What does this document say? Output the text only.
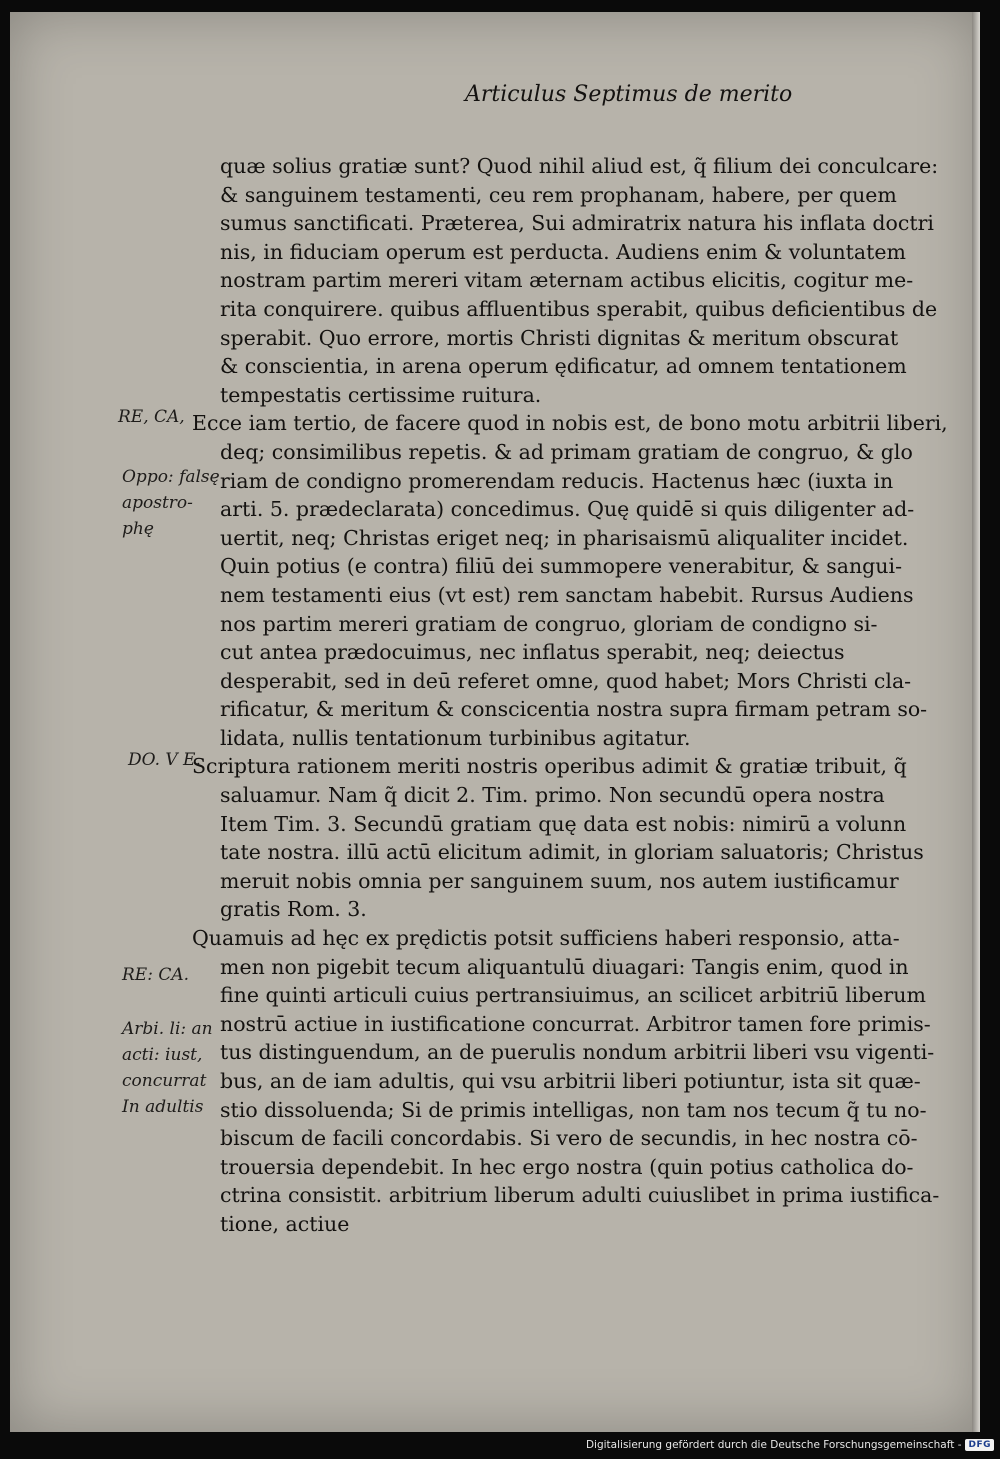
Articulus Septimus de merito
quæ solius gratiæ sunt? Quod nihil aliud est, q̃ filium dei conculcare:
& sanguinem testamenti, ceu rem prophanam, habere, per quem
sumus sanctificati. Præterea, Sui admiratrix natura his inflata doctri
nis, in fiduciam operum est perducta. Audiens enim & voluntatem
nostram partim mereri vitam æternam actibus elicitis, cogitur me-
rita conquirere. quibus affluentibus sperabit, quibus deficientibus de
sperabit. Quo errore, mortis Christi dignitas & meritum obscurat
& conscientia, in arena operum ędificatur, ad omnem tentationem
tempestatis certissime ruitura.
Ecce iam tertio, de facere quod in nobis est, de bono motu arbitrii liberi,
deq; consimilibus repetis. & ad primam gratiam de congruo, & glo
riam de condigno promerendam reducis. Hactenus hæc (iuxta in
arti. 5. prædeclarata) concedimus. Quę quidē si quis diligenter ad-
uertit, neq; Christas eriget neq; in pharisaismū aliqualiter incidet.
Quin potius (e contra) filiū dei summopere venerabitur, & sangui-
nem testamenti eius (vt est) rem sanctam habebit. Rursus Audiens
nos partim mereri gratiam de congruo, gloriam de condigno si-
cut antea prædocuimus, nec inflatus sperabit, neq; deiectus
desperabit, sed in deū referet omne, quod habet; Mors Christi cla-
rificatur, & meritum & conscicentia nostra supra firmam petram so-
lidata, nullis tentationum turbinibus agitatur.
Scriptura rationem meriti nostris operibus adimit & gratiæ tribuit, q̃
saluamur. Nam q̃ dicit 2. Tim. primo. Non secundū opera nostra
Item Tim. 3. Secundū gratiam quę data est nobis: nimirū a volunn
tate nostra. illū actū elicitum adimit, in gloriam saluatoris; Christus
meruit nobis omnia per sanguinem suum, nos autem iustificamur
gratis Rom. 3.
Quamuis ad hęc ex prędictis potsit sufficiens haberi responsio, atta-
men non pigebit tecum aliquantulū diuagari: Tangis enim, quod in
fine quinti articuli cuius pertransiuimus, an scilicet arbitriū liberum
nostrū actiue in iustificatione concurrat. Arbitror tamen fore primis-
tus distinguendum, an de puerulis nondum arbitrii liberi vsu vigenti-
bus, an de iam adultis, qui vsu arbitrii liberi potiuntur, ista sit quæ-
stio dissoluenda; Si de primis intelligas, non tam nos tecum q̃ tu no-
biscum de facili concordabis. Si vero de secundis, in hec nostra cō-
trouersia dependebit. In hec ergo nostra (quin potius catholica do-
ctrina consistit. arbitrium liberum adulti cuiuslibet in prima iustifica-
tione, actiue
RE, CA,
Oppo: falsę
apostro-
phę
DO. V E.
RE: CA.
Arbi. li: an
acti: iust,
concurrat
In adultis
Digitalisierung gefördert durch die Deutsche Forschungsgemeinschaft - DFG
